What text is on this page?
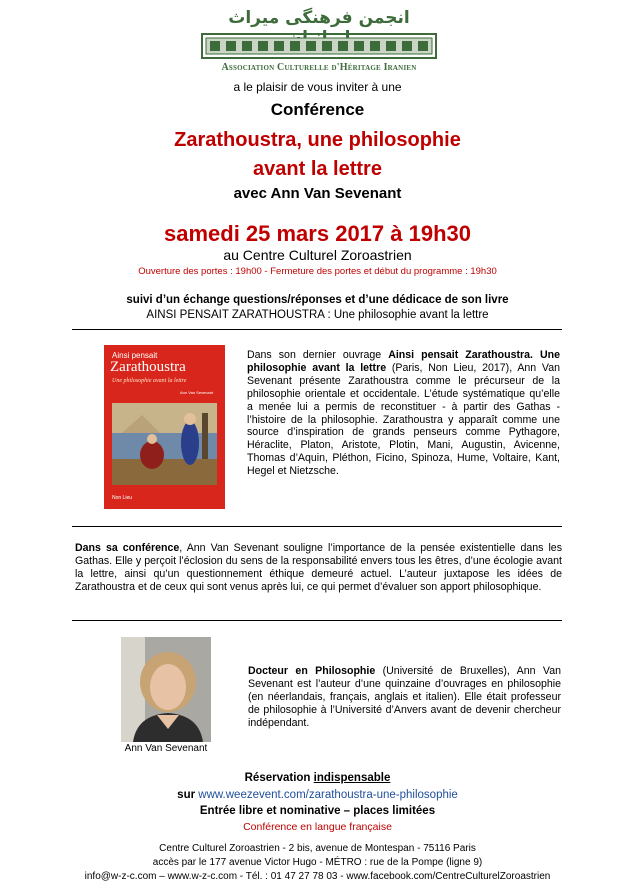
انجمن فرهنگی میراث
Association Culturelle d'Héritage Iranien
a le plaisir de vous inviter à une
Conférence
Zarathoustra, une philosophie
avant la lettre
avec Ann Van Sevenant
samedi 25 mars 2017 à 19h30
au Centre Culturel Zoroastrien
Ouverture des portes : 19h00 - Fermeture des portes et début du programme : 19h30
suivi d’un échange questions/réponses et d’une dédicace de son livre
AINSI PENSAIT ZARATHOUSTRA : Une philosophie avant la lettre
Ainsi pensait
Zarathoustra
Une philosophie avant la lettre
Ann Van Sevenant
Non Lieu
Dans son dernier ouvrage Ainsi pensait Zarathoustra. Une philosophie avant la lettre (Paris, Non Lieu, 2017), Ann Van Sevenant présente Zarathoustra comme le précurseur de la philosophie orientale et occidentale. L’étude systématique qu’elle a menée lui a permis de reconstituer - à partir des Gathas - l’histoire de la philosophie. Zarathoustra y apparaît comme une source d’inspiration de grands penseurs comme Pythagore, Héraclite, Platon, Aristote, Plotin, Mani, Augustin, Avicenne, Thomas d’Aquin, Pléthon, Ficino, Spinoza, Hume, Voltaire, Kant, Hegel et Nietzsche.
Dans sa conférence, Ann Van Sevenant souligne l’importance de la pensée existentielle dans les Gathas. Elle y perçoit l’éclosion du sens de la responsabilité envers tous les êtres, d’une écologie avant la lettre, ainsi qu’un questionnement éthique demeuré actuel. L’auteur juxtapose les idées de Zarathoustra et de ceux qui sont venus après lui, ce qui permet d’évaluer son apport philosophique.
Ann Van Sevenant
Docteur en Philosophie (Université de Bruxelles), Ann Van Sevenant est l’auteur d’une quinzaine d’ouvrages en philosophie (en néerlandais, français, anglais et italien). Elle était professeur de philosophie à l’Université d’Anvers avant de devenir chercheur indépendant.
Réservation indispensable
sur www.weezevent.com/zarathoustra-une-philosophie
Entrée libre et nominative – places limitées
Conférence en langue française
Centre Culturel Zoroastrien - 2 bis, avenue de Montespan - 75116 Paris
accès par le 177 avenue Victor Hugo - MÉTRO : rue de la Pompe (ligne 9)
info@w-z-c.com – www.w-z-c.com - Tél. : 01 47 27 78 03 - www.facebook.com/CentreCulturelZoroastrien
